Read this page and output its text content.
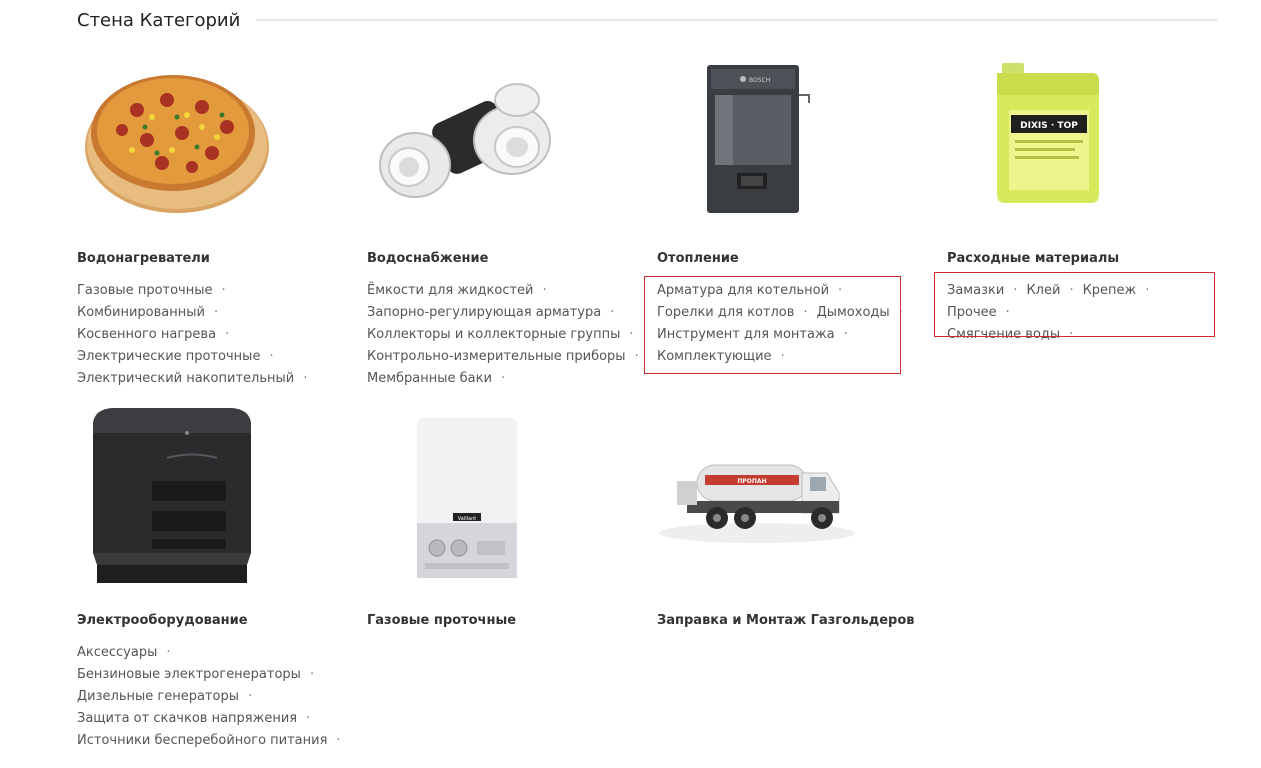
Стена Категорий
Водонагреватели
Газовые проточные ·
Комбинированный ·
Косвенного нагрева ·
Электрические проточные ·
Электрический накопительный ·
Водоснабжение
Ёмкости для жидкостей ·
Запорно-регулирующая арматура ·
Коллекторы и коллекторные группы ·
Контрольно-измерительные приборы ·
Мембранные баки ·
BOSCH
Отопление
Арматура для котельной ·
Горелки для котлов · Дымоходы ·
Инструмент для монтажа ·
Комплектующие ·
DIXIS · TOP
Расходные материалы
Замазки · Клей · Крепеж ·Прочее ·
Смягчение воды ·
Электрооборудование
Аксессуары ·
Бензиновые электрогенераторы ·
Дизельные генераторы ·
Защита от скачков напряжения ·
Источники бесперебойного питания ·
Vaillant
Газовые проточные
ПРОПАН
Заправка и Монтаж Газгольдеров
